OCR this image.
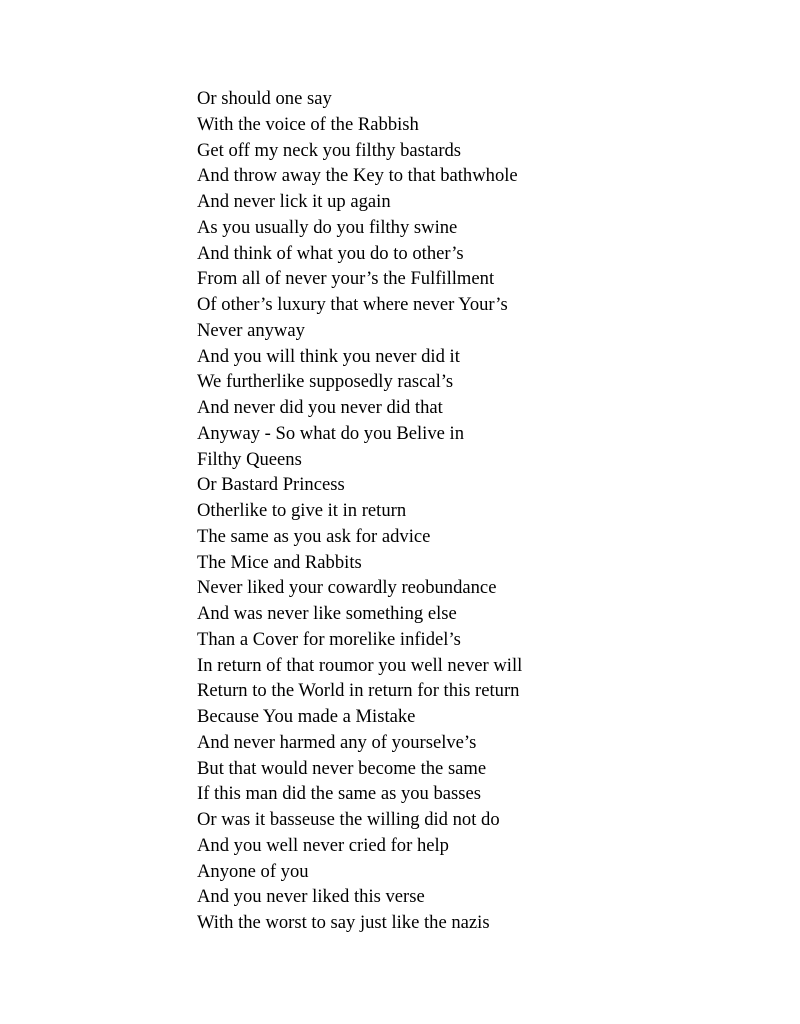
Or should one say
With the voice of the Rabbish
Get off my neck you filthy bastards
And throw away the Key to that bathwhole
And never lick it up again
As you usually do you filthy swine
And think of what you do to other’s
From all of never your’s the Fulfillment
Of other’s luxury that where never Your’s
Never anyway
And you will think you never did it
We furtherlike supposedly rascal’s
And never did you never did that
Anyway - So what do you Belive in
Filthy Queens
Or Bastard Princess
Otherlike to give it in return
The same as you ask for advice
The Mice and Rabbits
Never liked your cowardly reobundance
And was never like something else
Than a Cover for morelike infidel’s
In return of that roumor you well never will
Return to the World in return for this return
Because You made a Mistake
And never harmed any of yourselve’s
But that would never become the same
If this man did the same as you basses
Or was it basseuse the willing did not do
And you well never cried for help
Anyone of you
And you never liked this verse
With the worst to say just like the nazis
